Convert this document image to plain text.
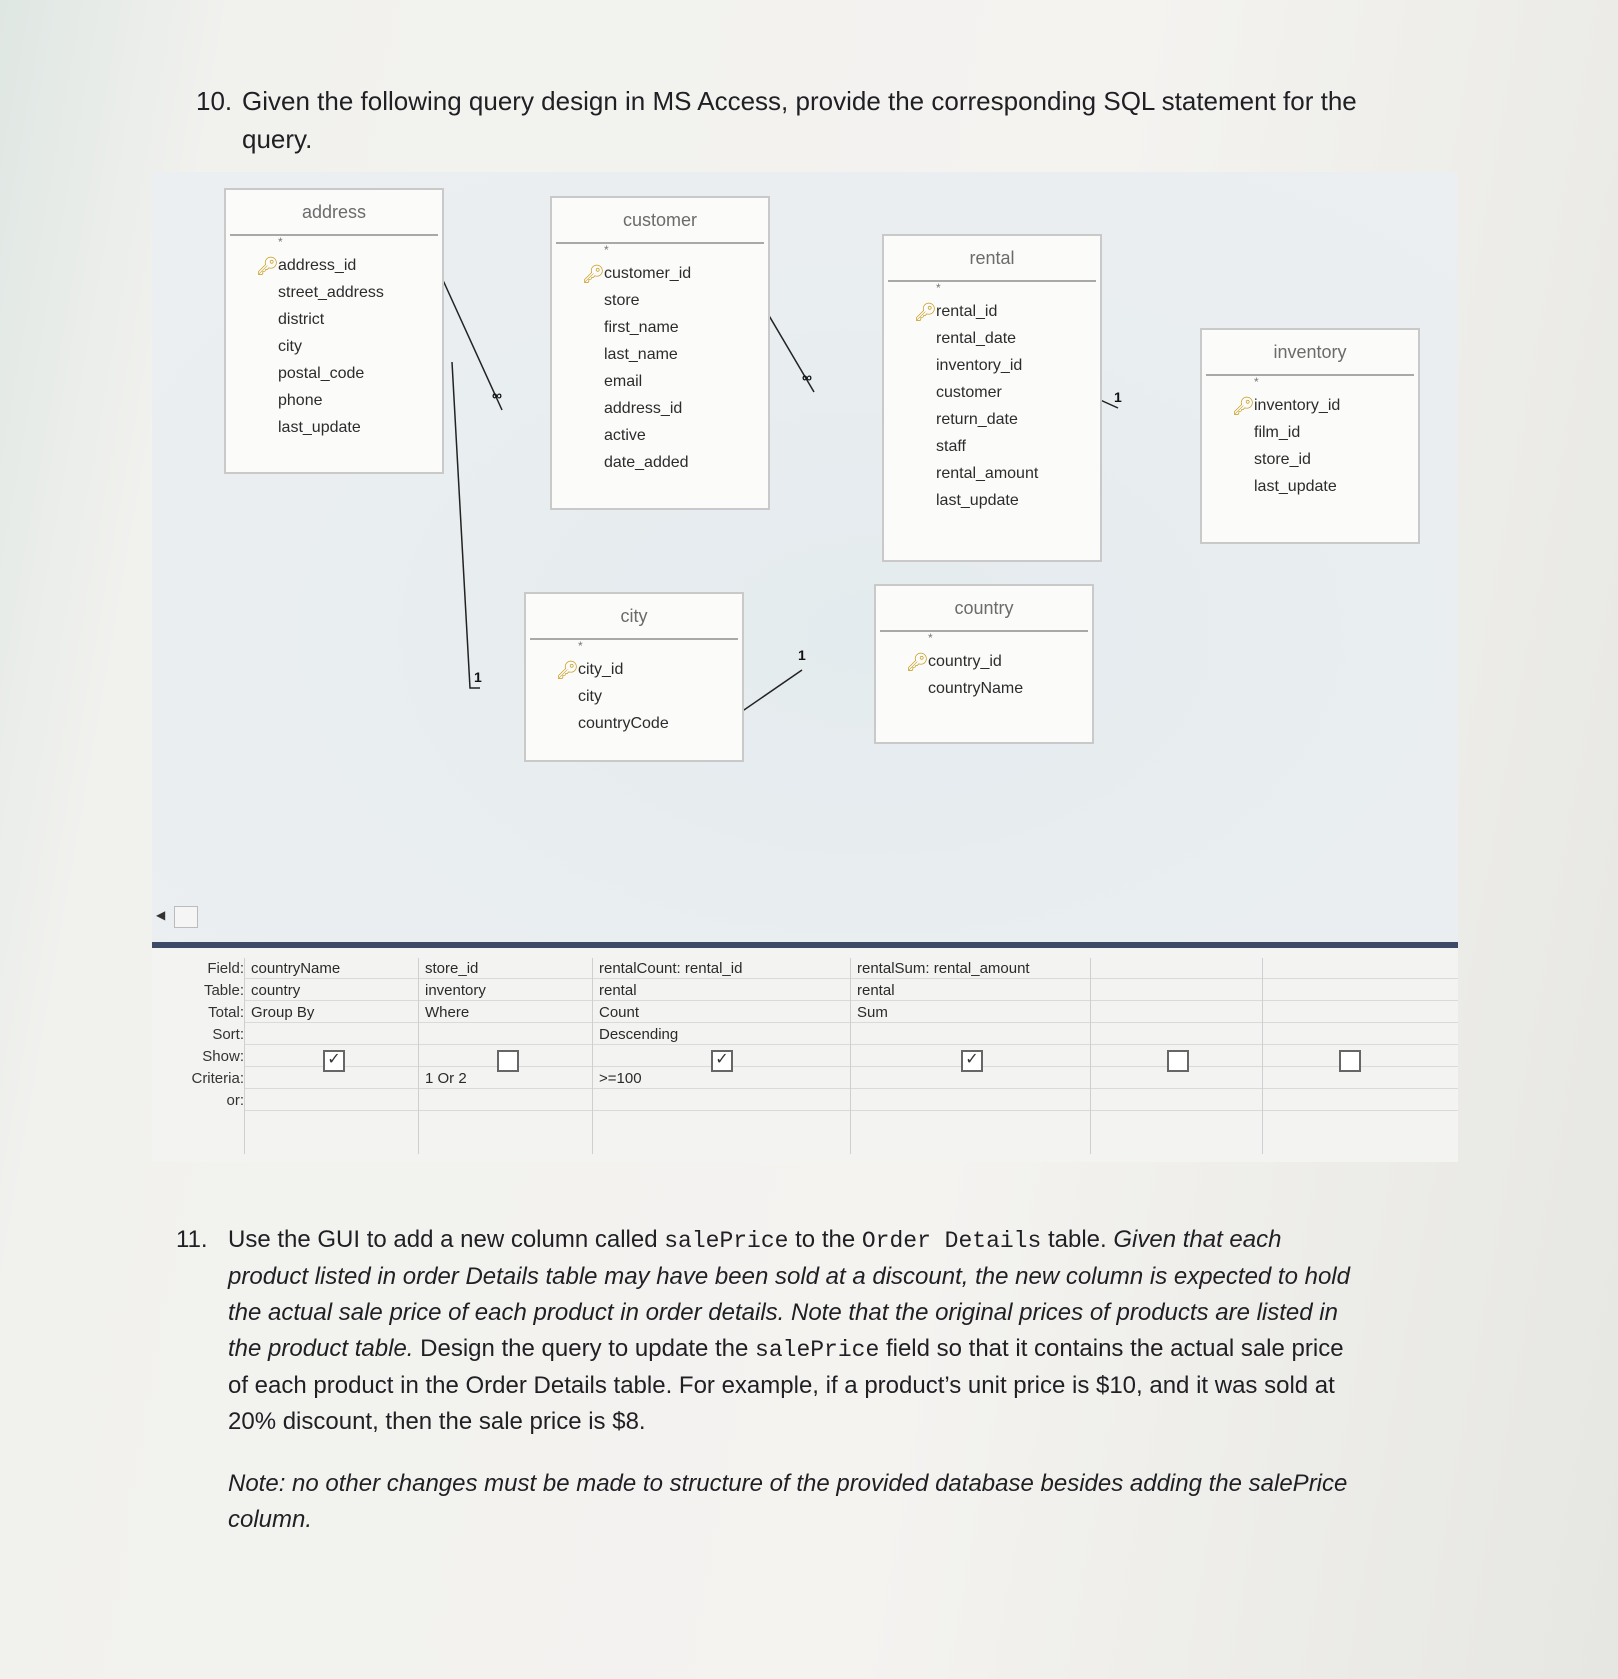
10. Given the following query design in MS Access, provide the corresponding SQL statement for the query.
∞
∞
1
1
1
address
*
🔑︎ address_id
street_address
district
city
postal_code
phone
last_update
customer
*
🔑︎ customer_id
store
first_name
last_name
email
address_id
active
date_added
rental
*
🔑︎ rental_id
rental_date
inventory_id
customer
return_date
staff
rental_amount
last_update
inventory
*
🔑︎ inventory_id
film_id
store_id
last_update
city
*
🔑︎ city_id
city
countryCode
country
*
🔑︎ country_id
countryName
◀
Field:
Table:
Total:
Sort:
Show:
Criteria:
or:
countryName
country
Group By
✓
store_id
inventory
Where
1 Or 2
rentalCount: rental_id
rental
Count
Descending
✓
>=100
rentalSum: rental_amount
rental
Sum
✓
11. Use the GUI to add a new column called salePrice to the Order Details table. Given that each product listed in order Details table may have been sold at a discount, the new column is expected to hold the actual sale price of each product in order details. Note that the original prices of products are listed in the product table. Design the query to update the salePrice field so that it contains the actual sale price of each product in the Order Details table. For example, if a product’s unit price is $10, and it was sold at 20% discount, then the sale price is $8.
Note: no other changes must be made to structure of the provided database besides adding the salePrice column.
